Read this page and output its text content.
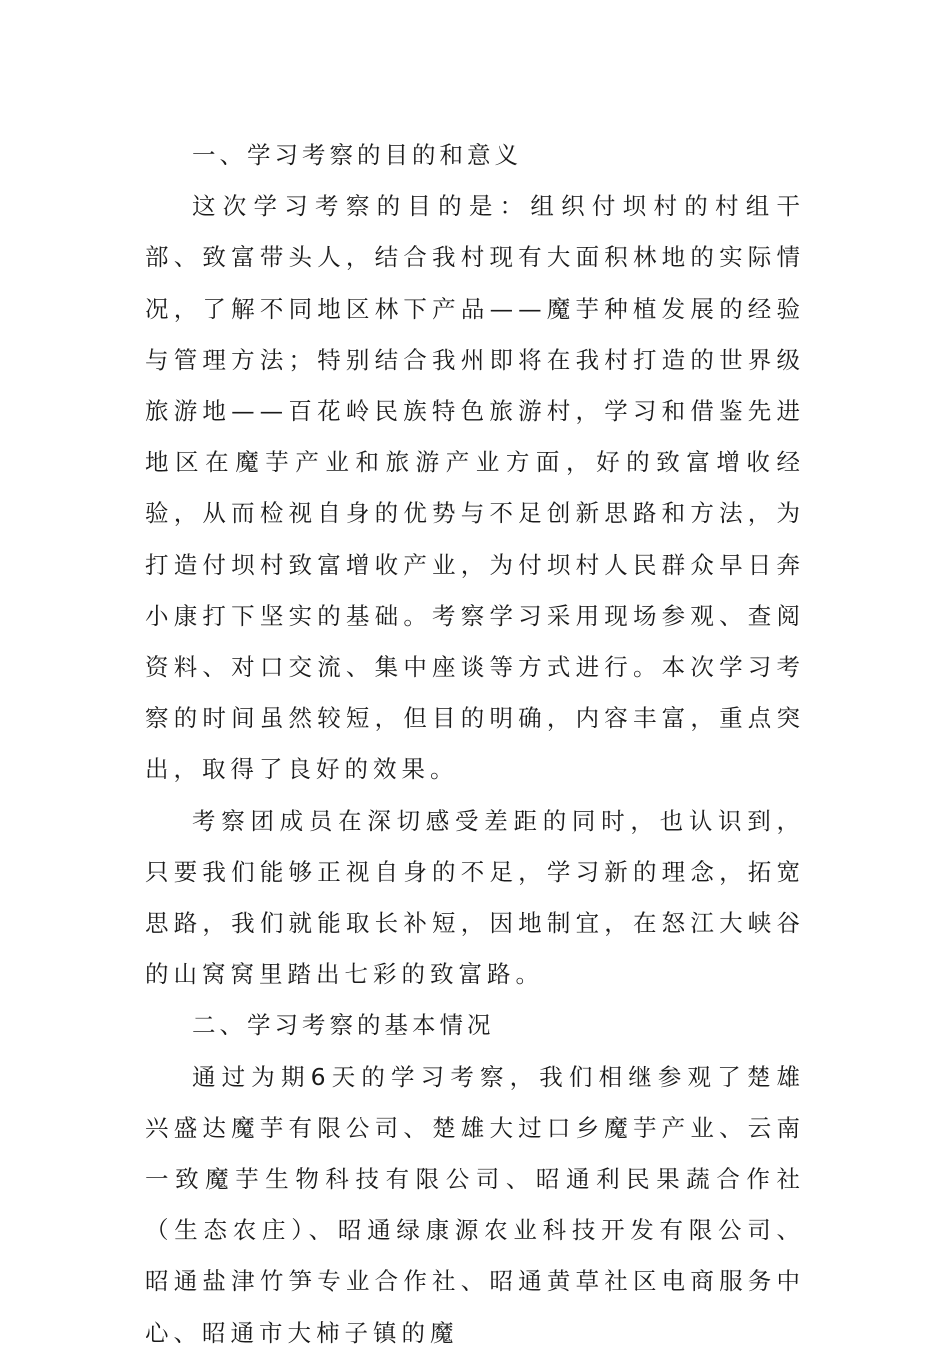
一、学习考察的目的和意义

这次学习考察的目的是：组织付坝村的村组干部、致富带头人，结合我村现有大面积林地的实际情况，了解不同地区林下产品——魔芋种植发展的经验与管理方法；特别结合我州即将在我村打造的世界级旅游地——百花岭民族特色旅游村，学习和借鉴先进地区在魔芋产业和旅游产业方面，好的致富增收经验，从而检视自身的优势与不足创新思路和方法，为打造付坝村致富增收产业，为付坝村人民群众早日奔小康打下坚实的基础。考察学习采用现场参观、查阅资料、对口交流、集中座谈等方式进行。本次学习考察的时间虽然较短，但目的明确，内容丰富，重点突出，取得了良好的效果。

考察团成员在深切感受差距的同时，也认识到，只要我们能够正视自身的不足，学习新的理念，拓宽思路，我们就能取长补短，因地制宜，在怒江大峡谷的山窝窝里踏出七彩的致富路。

二、学习考察的基本情况

通过为期6天的学习考察，我们相继参观了楚雄兴盛达魔芋有限公司、楚雄大过口乡魔芋产业、云南一致魔芋生物科技有限公司、昭通利民果蔬合作社（生态农庄）、昭通绿康源农业科技开发有限公司、昭通盐津竹笋专业合作社、昭通黄草社区电商服务中心、昭通市大柿子镇的魔
